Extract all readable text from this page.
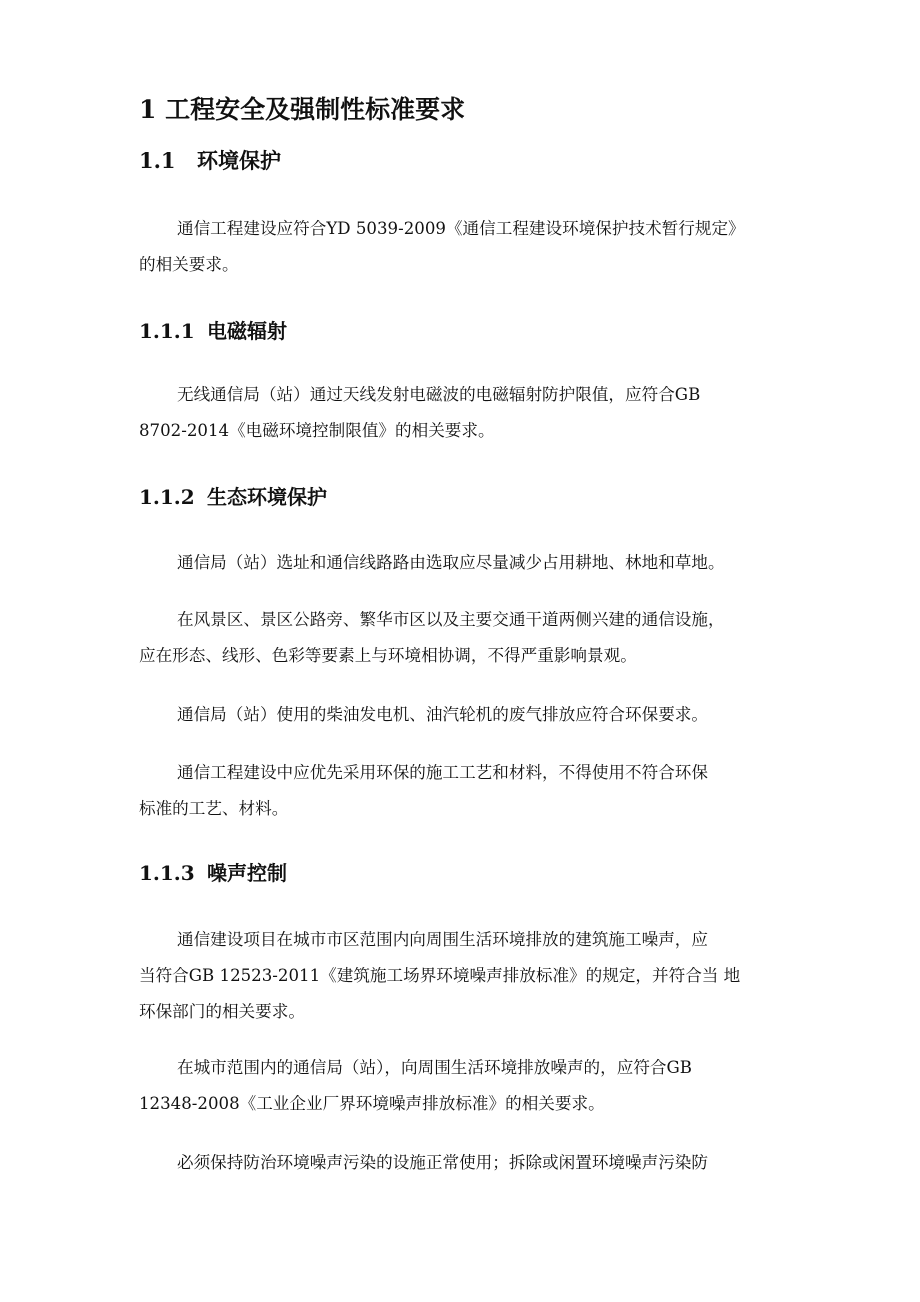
1 工程安全及强制性标准要求
1.1 环境保护
通信工程建设应符合YD 5039-2009《通信工程建设环境保护技术暂行规定》
的相关要求。
1.1.1 电磁辐射
无线通信局（站）通过天线发射电磁波的电磁辐射防护限值，应符合GB
8702-2014《电磁环境控制限值》的相关要求。
1.1.2 生态环境保护
通信局（站）选址和通信线路路由选取应尽量减少占用耕地、林地和草地。
在风景区、景区公路旁、繁华市区以及主要交通干道两侧兴建的通信设施，
应在形态、线形、色彩等要素上与环境相协调，不得严重影响景观。
通信局（站）使用的柴油发电机、油汽轮机的废气排放应符合环保要求。
通信工程建设中应优先采用环保的施工工艺和材料，不得使用不符合环保
标准的工艺、材料。
1.1.3 噪声控制
通信建设项目在城市市区范围内向周围生活环境排放的建筑施工噪声，应
当符合GB 12523-2011《建筑施工场界环境噪声排放标准》的规定，并符合当 地
环保部门的相关要求。
在城市范围内的通信局（站），向周围生活环境排放噪声的，应符合GB
12348-2008《工业企业厂界环境噪声排放标准》的相关要求。
必须保持防治环境噪声污染的设施正常使用；拆除或闲置环境噪声污染防
